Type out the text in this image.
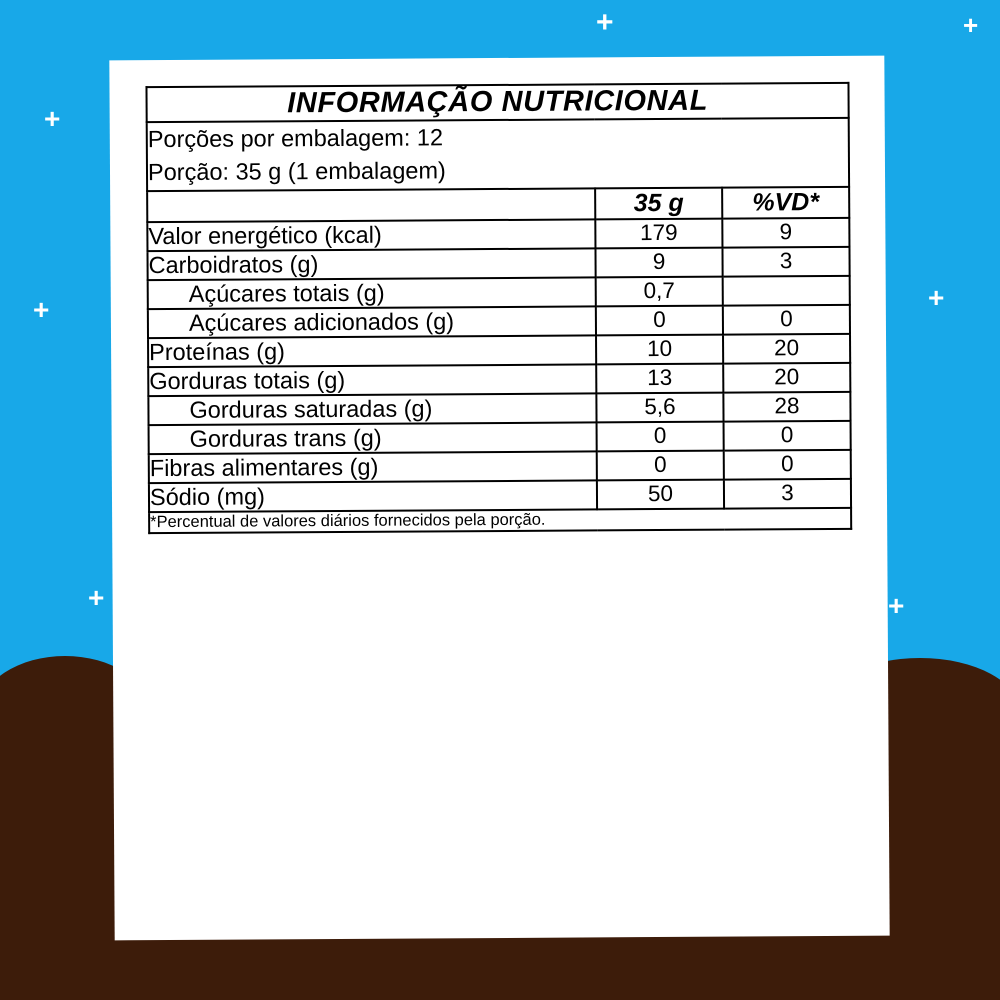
+	+
+
+	+
+	+
INFORMAÇÃO NUTRICIONAL		

Porções por embalagem: 12
Porção: 35 g (1 embalagem)		

	35 g	%VD*
Valor energético (kcal)	179	9
Carboidratos (g)	9	3
Açúcares totais (g)	0,7	
Açúcares adicionados (g)	0	0
Proteínas (g)	10	20
Gorduras totais (g)	13	20
Gorduras saturadas (g)	5,6	28
Gorduras trans (g)	0	0
Fibras alimentares (g)	0	0
Sódio (mg)	50	3
*Percentual de valores diários fornecidos pela porção.		
